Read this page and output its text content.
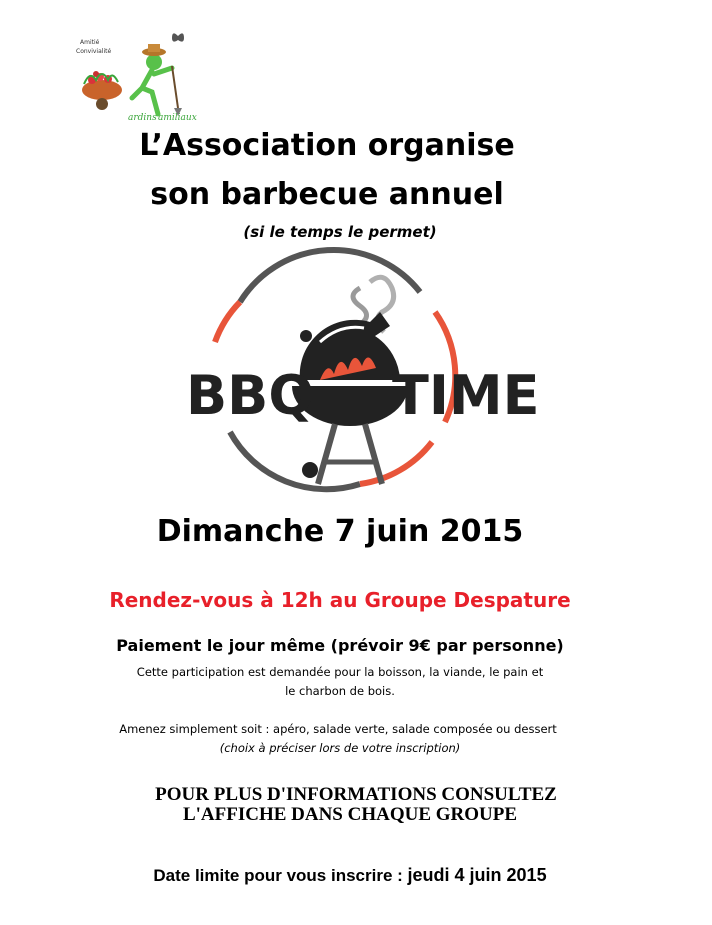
Amitié
Convivialité
ardins amiliaux
L’Association organise
son barbecue annuel
(si le temps le permet)
BBQ TIME
Dimanche 7 juin 2015
Rendez-vous à 12h au Groupe Despature
Paiement le jour même (prévoir 9€ par personne)
Cette participation est demandée pour la boisson, la viande, le pain et
le charbon de bois.
Amenez simplement soit : apéro, salade verte, salade composée ou dessert
(choix à préciser lors de votre inscription)
POUR PLUS D'INFORMATIONS CONSULTEZ
L'AFFICHE DANS CHAQUE GROUPE
Date limite pour vous inscrire : jeudi 4 juin 2015
